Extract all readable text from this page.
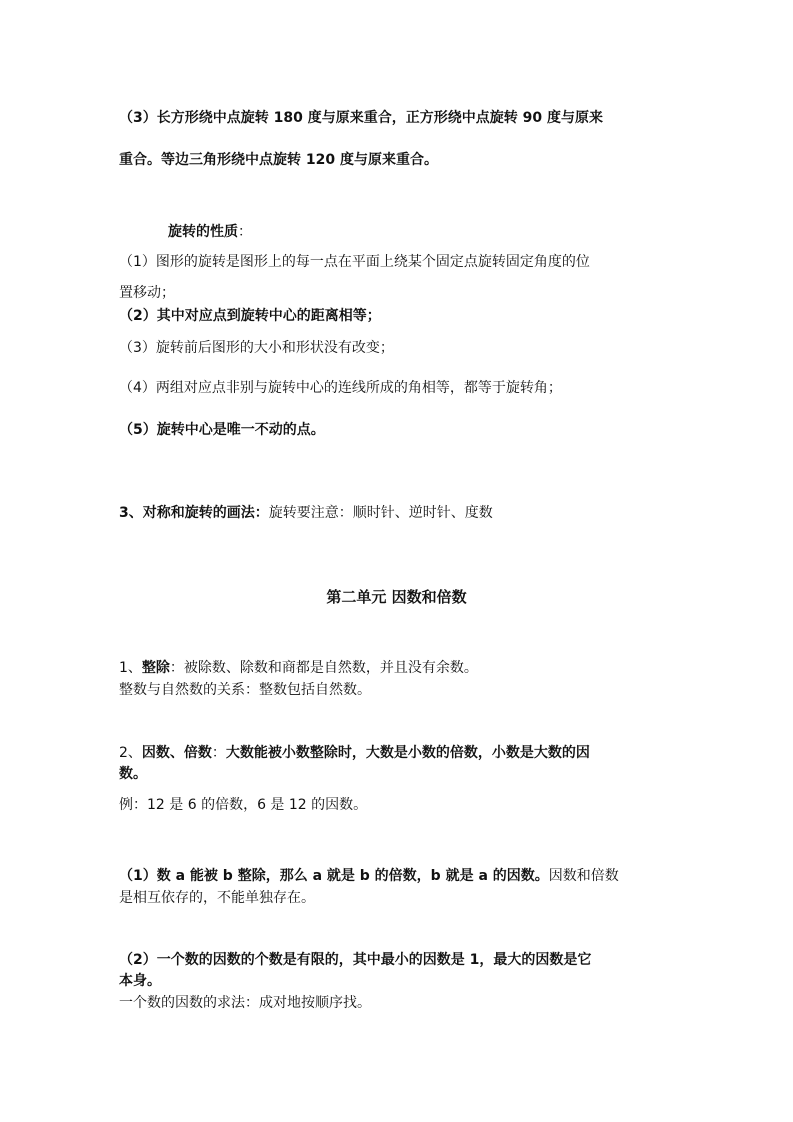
（3）长方形绕中点旋转 180 度与原来重合，正方形绕中点旋转 90 度与原来
重合。等边三角形绕中点旋转 120 度与原来重合。
旋转的性质：
（1）图形的旋转是图形上的每一点在平面上绕某个固定点旋转固定角度的位
置移动；
（2）其中对应点到旋转中心的距离相等；
（3）旋转前后图形的大小和形状没有改变；
（4）两组对应点非别与旋转中心的连线所成的角相等，都等于旋转角；
（5）旋转中心是唯一不动的点。
3、对称和旋转的画法：旋转要注意：顺时针、逆时针、度数
第二单元 因数和倍数
1、整除：被除数、除数和商都是自然数，并且没有余数。
整数与自然数的关系：整数包括自然数。
2、因数、倍数：大数能被小数整除时，大数是小数的倍数，小数是大数的因
数。
例：12 是 6 的倍数，6 是 12 的因数。
（1）数 a 能被 b 整除，那么 a 就是 b 的倍数，b 就是 a 的因数。因数和倍数
是相互依存的，不能单独存在。
（2）一个数的因数的个数是有限的，其中最小的因数是 1，最大的因数是它
本身。
一个数的因数的求法：成对地按顺序找。
